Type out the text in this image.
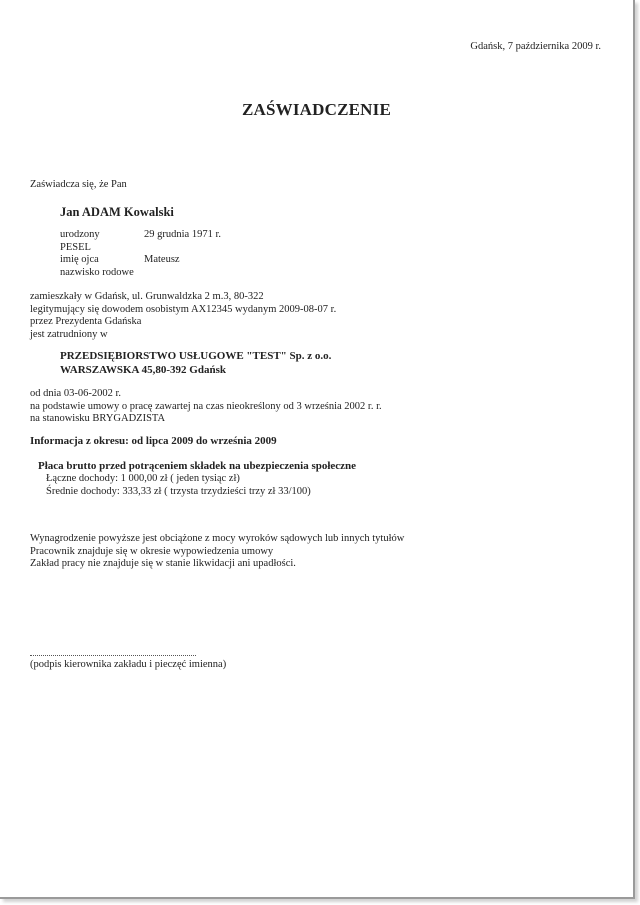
Gdańsk, 7 października 2009 r.
ZAŚWIADCZENIE
Zaświadcza się, że Pan
Jan ADAM Kowalski
urodzony	29 grudnia 1971 r.
PESEL
imię ojca	Mateusz
nazwisko rodowe
zamieszkały w Gdańsk, ul. Grunwaldzka 2 m.3, 80-322
legitymujący się dowodem osobistym AX12345 wydanym 2009-08-07 r.
przez Prezydenta Gdańska
jest zatrudniony w
PRZEDSIĘBIORSTWO USŁUGOWE "TEST" Sp. z o.o.
WARSZAWSKA 45,80-392 Gdańsk
od dnia 03-06-2002 r.
na podstawie umowy o pracę zawartej na czas nieokreślony od 3 września 2002 r. r.
na stanowisku BRYGADZISTA
Informacja z okresu: od lipca 2009 do września 2009
Płaca brutto przed potrąceniem składek na ubezpieczenia społeczne
Łączne dochody: 1 000,00 zł ( jeden tysiąc zł)
Średnie dochody: 333,33 zł ( trzysta trzydzieści trzy zł 33/100)
Wynagrodzenie powyższe jest obciążone z mocy wyroków sądowych lub innych tytułów
Pracownik znajduje się w okresie wypowiedzenia umowy
Zakład pracy nie znajduje się w stanie likwidacji ani upadłości.
(podpis kierownika zakładu i pieczęć imienna)
